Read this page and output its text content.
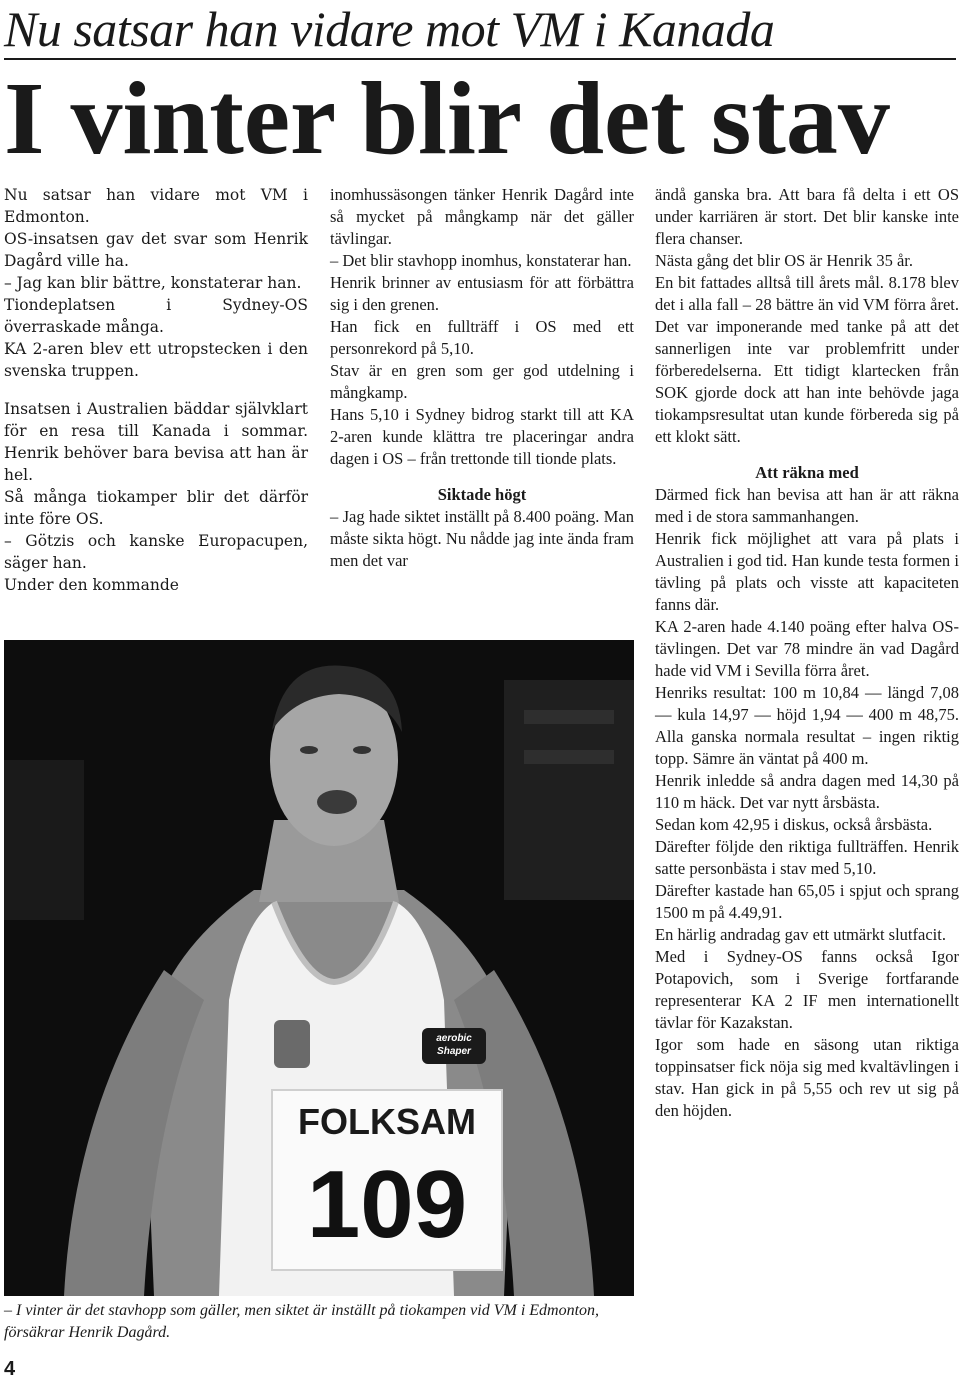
Nu satsar han vidare mot VM i Kanada
I vinter blir det stav

Nu satsar han vidare mot VM i Edmonton.

OS-insatsen gav det svar som Henrik Dagård ville ha.

– Jag kan blir bättre, konstaterar han.

Tiondeplatsen i Sydney-OS överraskade många.

KA 2-aren blev ett utropstecken i den svenska truppen.

Insatsen i Australien bäddar självklart för en resa till Kanada i sommar. Henrik behöver bara bevisa att han är hel.

Så många tiokamper blir det därför inte före OS.

– Götzis och kanske Europacupen, säger han.

Under den kommande

inomhussäsongen tänker Henrik Dagård inte så mycket på mångkamp när det gäller tävlingar.

– Det blir stavhopp inomhus, konstaterar han.

Henrik brinner av entusiasm för att förbättra sig i den grenen.

Han fick en fullträff i OS med ett personrekord på 5,10.

Stav är en gren som ger god utdelning i mångkamp.

Hans 5,10 i Sydney bidrog starkt till att KA 2-aren kunde klättra tre placeringar andra dagen i OS – från trettonde till tionde plats.

Siktade högt

– Jag hade siktet inställt på 8.400 poäng. Man måste sikta högt. Nu nådde jag inte ända fram men det var

ändå ganska bra. Att bara få delta i ett OS under karriären är stort. Det blir kanske inte flera chanser.

Nästa gång det blir OS är Henrik 35 år.

En bit fattades alltså till årets mål. 8.178 blev det i alla fall – 28 bättre än vid VM förra året. Det var imponerande med tanke på att det sannerligen inte var problemfritt under förberedelserna. Ett tidigt klartecken från SOK gjorde dock att han inte behövde jaga tiokampsresultat utan kunde förbereda sig på ett klokt sätt.

Att räkna med

Därmed fick han bevisa att han är att räkna med i de stora sammanhangen.

Henrik fick möjlighet att vara på plats i Australien i god tid. Han kunde testa formen i tävling på plats och visste att kapaciteten fanns där.

KA 2-aren hade 4.140 poäng efter halva OS-tävlingen. Det var 78 mindre än vad Dagård hade vid VM i Sevilla förra året.

Henriks resultat: 100 m 10,84 — längd 7,08 — kula 14,97 — höjd 1,94 — 400 m 48,75. Alla ganska normala resultat – ingen riktig topp. Sämre än väntat på 400 m.

Henrik inledde så andra dagen med 14,30 på 110 m häck. Det var nytt årsbästa.

Sedan kom 42,95 i diskus, också årsbästa.

Därefter följde den riktiga fullträffen. Henrik satte personbästa i stav med 5,10.

Därefter kastade han 65,05 i spjut och sprang 1500 m på 4.49,91.

En härlig andradag gav ett utmärkt slutfacit.

Med i Sydney-OS fanns också Igor Potapovich, som i Sverige fortfarande representerar KA 2 IF men internationellt tävlar för Kazakstan.

Igor som hade en säsong utan riktiga toppinsatser fick nöja sig med kvaltävlingen i stav. Han gick in på 5,55 och rev ut sig på den höjden.

aerobic Shaper
FOLKSAM
109
– I vinter är det stavhopp som gäller, men siktet är inställt på tiokampen vid VM i Edmonton, försäkrar Henrik Dagård.
4
